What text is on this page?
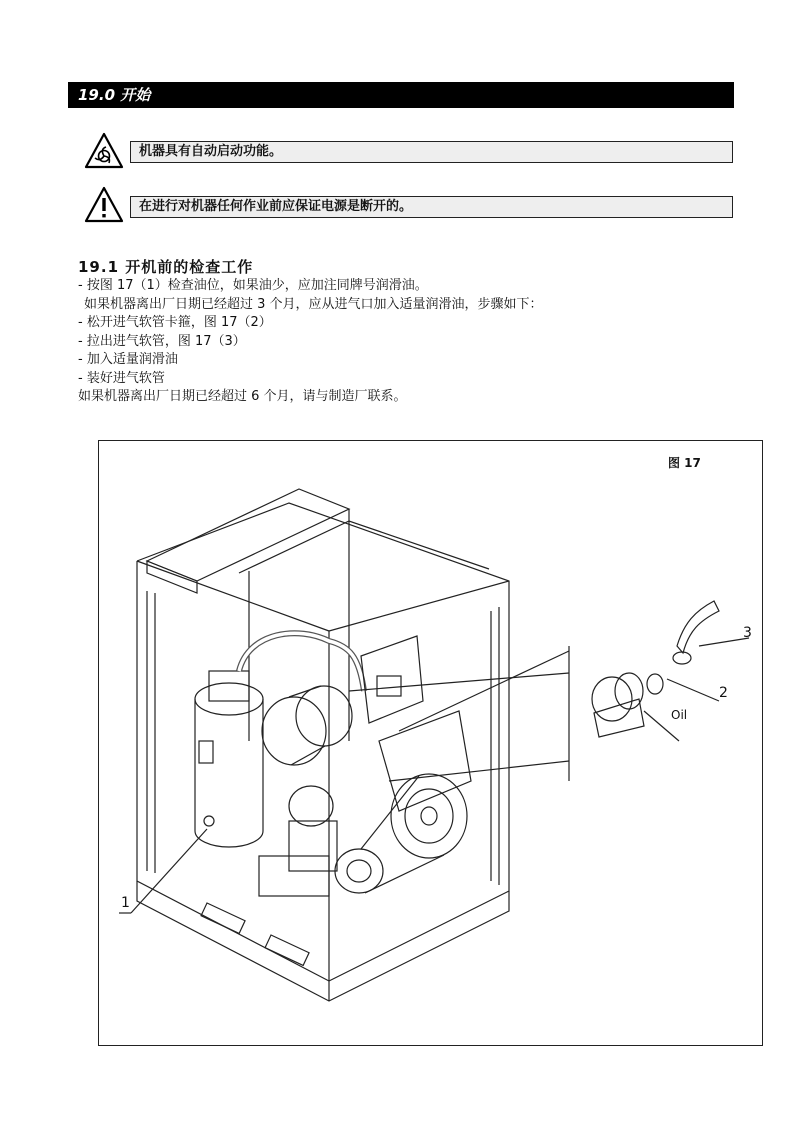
19.0 开始
机器具有自动启动功能。
在进行对机器任何作业前应保证电源是断开的。
19.1 开机前的检查工作
- 按图 17（1）检查油位，如果油少，应加注同牌号润滑油。
如果机器离出厂日期已经超过 3 个月，应从进气口加入适量润滑油，步骤如下：
- 松开进气软管卡箍，图 17（2）
- 拉出进气软管，图 17（3）
- 加入适量润滑油
- 装好进气软管
如果机器离出厂日期已经超过 6 个月，请与制造厂联系。
图 17
1
2
3
Oil
